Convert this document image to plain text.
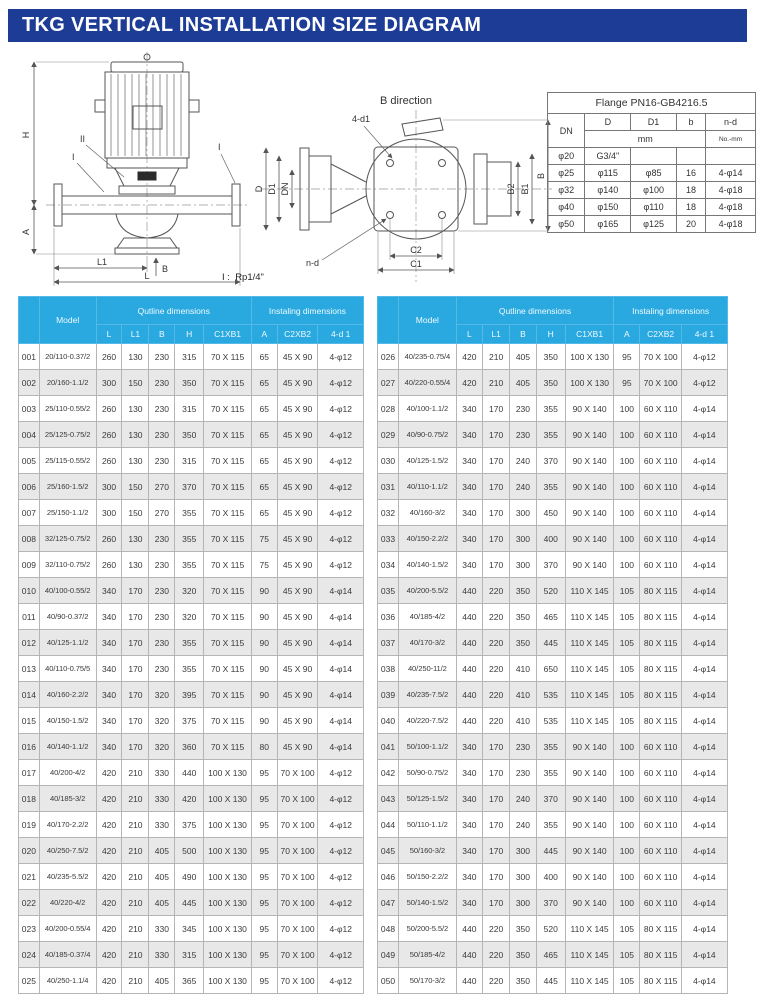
TKG VERTICAL INSTALLATION SIZE DIAGRAM
H
A
L1
L
B
II
I
I
B direction
D D1 DN
4-d1
n-d
B2 B1
B
C2
C1

I :  Rp1/4"

Flange PN16-GB4216.5				
DN	D	D1	b	n-d
	mm			No.-mm
φ20	G3/4"			
φ25	φ115	φ85	16	4-φ14
φ32	φ140	φ100	18	4-φ18
φ40	φ150	φ110	18	4-φ18
φ50	φ165	φ125	20	4-φ18
	Model	Qutline dimensions					Instaling dimensions		
		L	L1	B	H	C1XB1	A	C2XB2	4-d 1
001	20/110-0.37/2	260	130	230	315	70 X 115	65	45 X 90	4-φ12
002	20/160-1.1/2	300	150	230	350	70 X 115	65	45 X 90	4-φ12
003	25/110-0.55/2	260	130	230	315	70 X 115	65	45 X 90	4-φ12
004	25/125-0.75/2	260	130	230	350	70 X 115	65	45 X 90	4-φ12
005	25/115-0.55/2	260	130	230	315	70 X 115	65	45 X 90	4-φ12
006	25/160-1.5/2	300	150	270	370	70 X 115	65	45 X 90	4-φ12
007	25/150-1.1/2	300	150	270	355	70 X 115	65	45 X 90	4-φ12
008	32/125-0.75/2	260	130	230	355	70 X 115	75	45 X 90	4-φ12
009	32/110-0.75/2	260	130	230	355	70 X 115	75	45 X 90	4-φ12
010	40/100-0.55/2	340	170	230	320	70 X 115	90	45 X 90	4-φ14
011	40/90-0.37/2	340	170	230	320	70 X 115	90	45 X 90	4-φ14
012	40/125-1.1/2	340	170	230	355	70 X 115	90	45 X 90	4-φ14
013	40/110-0.75/5	340	170	230	355	70 X 115	90	45 X 90	4-φ14
014	40/160-2.2/2	340	170	320	395	70 X 115	90	45 X 90	4-φ14
015	40/150-1.5/2	340	170	320	375	70 X 115	90	45 X 90	4-φ14
016	40/140-1.1/2	340	170	320	360	70 X 115	80	45 X 90	4-φ14
017	40/200-4/2	420	210	330	440	100 X 130	95	70 X 100	4-φ12
018	40/185-3/2	420	210	330	420	100 X 130	95	70 X 100	4-φ12
019	40/170-2.2/2	420	210	330	375	100 X 130	95	70 X 100	4-φ12
020	40/250-7.5/2	420	210	405	500	100 X 130	95	70 X 100	4-φ12
021	40/235-5.5/2	420	210	405	490	100 X 130	95	70 X 100	4-φ12
022	40/220-4/2	420	210	405	445	100 X 130	95	70 X 100	4-φ12
023	40/200-0.55/4	420	210	330	345	100 X 130	95	70 X 100	4-φ12
024	40/185-0.37/4	420	210	330	315	100 X 130	95	70 X 100	4-φ12
025	40/250-1.1/4	420	210	405	365	100 X 130	95	70 X 100	4-φ12
	Model	Qutline dimensions					Instaling dimensions		
		L	L1	B	H	C1XB1	A	C2XB2	4-d 1
026	40/235-0.75/4	420	210	405	350	100 X 130	95	70 X 100	4-φ12
027	40/220-0.55/4	420	210	405	350	100 X 130	95	70 X 100	4-φ12
028	40/100-1.1/2	340	170	230	355	90 X 140	100	60 X 110	4-φ14
029	40/90-0.75/2	340	170	230	355	90 X 140	100	60 X 110	4-φ14
030	40/125-1.5/2	340	170	240	370	90 X 140	100	60 X 110	4-φ14
031	40/110-1.1/2	340	170	240	355	90 X 140	100	60 X 110	4-φ14
032	40/160-3/2	340	170	300	450	90 X 140	100	60 X 110	4-φ14
033	40/150-2.2/2	340	170	300	400	90 X 140	100	60 X 110	4-φ14
034	40/140-1.5/2	340	170	300	370	90 X 140	100	60 X 110	4-φ14
035	40/200-5.5/2	440	220	350	520	110 X 145	105	80 X 115	4-φ14
036	40/185-4/2	440	220	350	465	110 X 145	105	80 X 115	4-φ14
037	40/170-3/2	440	220	350	445	110 X 145	105	80 X 115	4-φ14
038	40/250-11/2	440	220	410	650	110 X 145	105	80 X 115	4-φ14
039	40/235-7.5/2	440	220	410	535	110 X 145	105	80 X 115	4-φ14
040	40/220-7.5/2	440	220	410	535	110 X 145	105	80 X 115	4-φ14
041	50/100-1.1/2	340	170	230	355	90 X 140	100	60 X 110	4-φ14
042	50/90-0.75/2	340	170	230	355	90 X 140	100	60 X 110	4-φ14
043	50/125-1.5/2	340	170	240	370	90 X 140	100	60 X 110	4-φ14
044	50/110-1.1/2	340	170	240	355	90 X 140	100	60 X 110	4-φ14
045	50/160-3/2	340	170	300	445	90 X 140	100	60 X 110	4-φ14
046	50/150-2.2/2	340	170	300	400	90 X 140	100	60 X 110	4-φ14
047	50/140-1.5/2	340	170	300	370	90 X 140	100	60 X 110	4-φ14
048	50/200-5.5/2	440	220	350	520	110 X 145	105	80 X 115	4-φ14
049	50/185-4/2	440	220	350	465	110 X 145	105	80 X 115	4-φ14
050	50/170-3/2	440	220	350	445	110 X 145	105	80 X 115	4-φ14
